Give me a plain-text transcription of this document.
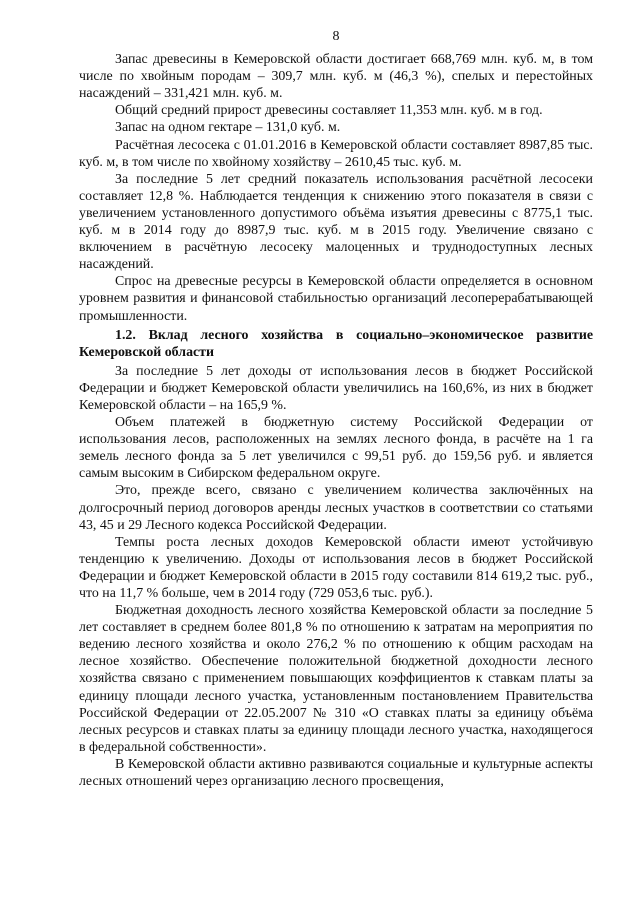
8

Запас древесины в Кемеровской области достигает 668,769 млн. куб. м, в том числе по хвойным породам – 309,7 млн. куб. м (46,3 %), спелых и перестойных насаждений – 331,421 млн. куб. м.

Общий средний прирост древесины составляет 11,353 млн. куб. м в год.

Запас на одном гектаре – 131,0 куб. м.

Расчётная лесосека с 01.01.2016 в Кемеровской области составляет 8987,85 тыс. куб. м, в том числе по хвойному хозяйству – 2610,45 тыс. куб. м.

За последние 5 лет средний показатель использования расчётной лесосеки составляет 12,8 %. Наблюдается тенденция к снижению этого показателя в связи с увеличением установленного допустимого объёма изъятия древесины с 8775,1 тыс. куб. м в 2014 году до 8987,9 тыс. куб. м в 2015 году. Увеличение связано с включением в расчётную лесосеку малоценных и труднодоступных лесных насаждений.

Спрос на древесные ресурсы в Кемеровской области определяется в основном уровнем развития и финансовой стабильностью организаций лесоперерабатывающей промышленности.

1.2. Вклад лесного хозяйства в социально–экономическое развитие Кемеровской области

За последние 5 лет доходы от использования лесов в бюджет Российской Федерации и бюджет Кемеровской области увеличились на 160,6%, из них в бюджет Кемеровской области – на 165,9 %.

Объем платежей в бюджетную систему Российской Федерации от использования лесов, расположенных на землях лесного фонда, в расчёте на 1 га земель лесного фонда за 5 лет увеличился с 99,51 руб. до 159,56 руб. и является самым высоким в Сибирском федеральном округе.

Это, прежде всего, связано с увеличением количества заключённых на долгосрочный период договоров аренды лесных участков в соответствии со статьями 43, 45 и 29 Лесного кодекса Российской Федерации.

Темпы роста лесных доходов Кемеровской области имеют устойчивую тенденцию к увеличению. Доходы от использования лесов в бюджет Российской Федерации и бюджет Кемеровской области в 2015 году составили 814 619,2 тыс. руб., что на 11,7 % больше, чем в 2014 году (729 053,6 тыс. руб.).

Бюджетная доходность лесного хозяйства Кемеровской области за последние 5 лет составляет в среднем более 801,8 % по отношению к затратам на мероприятия по ведению лесного хозяйства и около 276,2 % по отношению к общим расходам на лесное хозяйство. Обеспечение положительной бюджетной доходности лесного хозяйства связано с применением повышающих коэффициентов к ставкам платы за единицу площади лесного участка, установленным постановлением Правительства Российской Федерации от 22.05.2007 № 310 «О ставках платы за единицу объёма лесных ресурсов и ставках платы за единицу площади лесного участка, находящегося в федеральной собственности».

В Кемеровской области активно развиваются социальные и культурные аспекты лесных отношений через организацию лесного просвещения,
